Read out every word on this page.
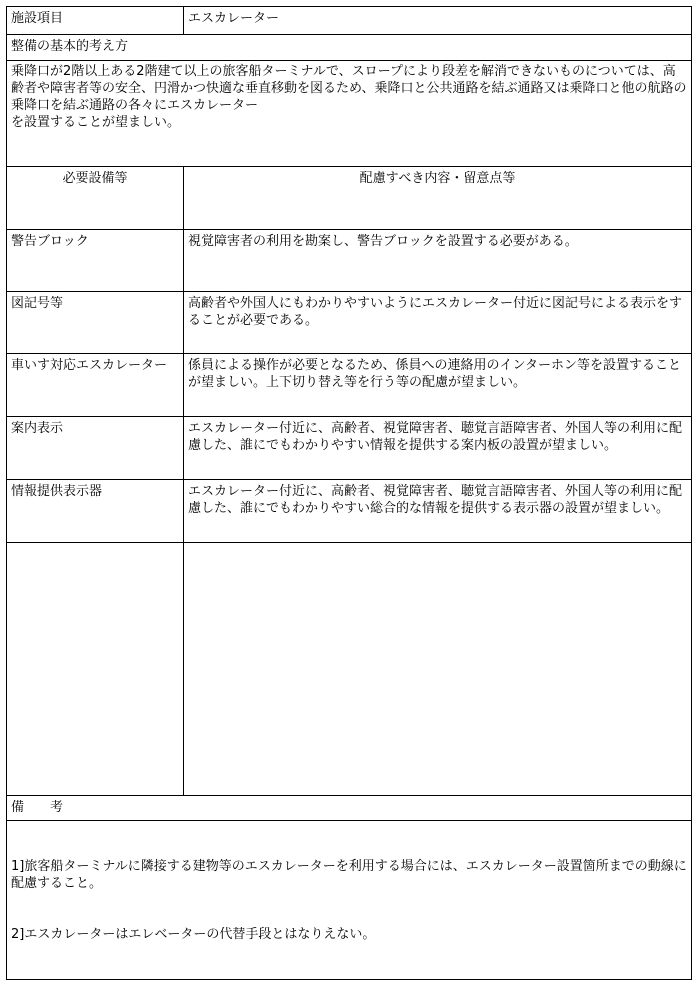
施設項目	エスカレーター
整備の基本的考え方
乗降口が2階以上ある2階建て以上の旅客船ターミナルで、スロープにより段差を解消できないものについては、高齢者や障害者等の安全、円滑かつ快適な垂直移動を図るため、乗降口と公共通路を結ぶ通路又は乗降口と他の航路の乗降口を結ぶ通路の各々にエスカレーター
を設置することが望ましい。
必要設備等	配慮すべき内容・留意点等
警告ブロック	視覚障害者の利用を勘案し、警告ブロックを設置する必要がある。
図記号等	高齢者や外国人にもわかりやすいようにエスカレーター付近に図記号による表示をすることが必要である。
車いす対応エスカレーター	係員による操作が必要となるため、係員への連絡用のインターホン等を設置することが望ましい。上下切り替え等を行う等の配慮が望ましい。
案内表示	エスカレーター付近に、高齢者、視覚障害者、聴覚言語障害者、外国人等の利用に配慮した、誰にでもわかりやすい情報を提供する案内板の設置が望ましい。
情報提供表示器	エスカレーター付近に、高齢者、視覚障害者、聴覚言語障害者、外国人等の利用に配慮した、誰にでもわかりやすい総合的な情報を提供する表示器の設置が望ましい。
備　　考

1]旅客船ターミナルに隣接する建物等のエスカレーターを利用する場合には、エスカレーター設置箇所までの動線に配慮すること。

2]エスカレーターはエレベーターの代替手段とはなりえない。
